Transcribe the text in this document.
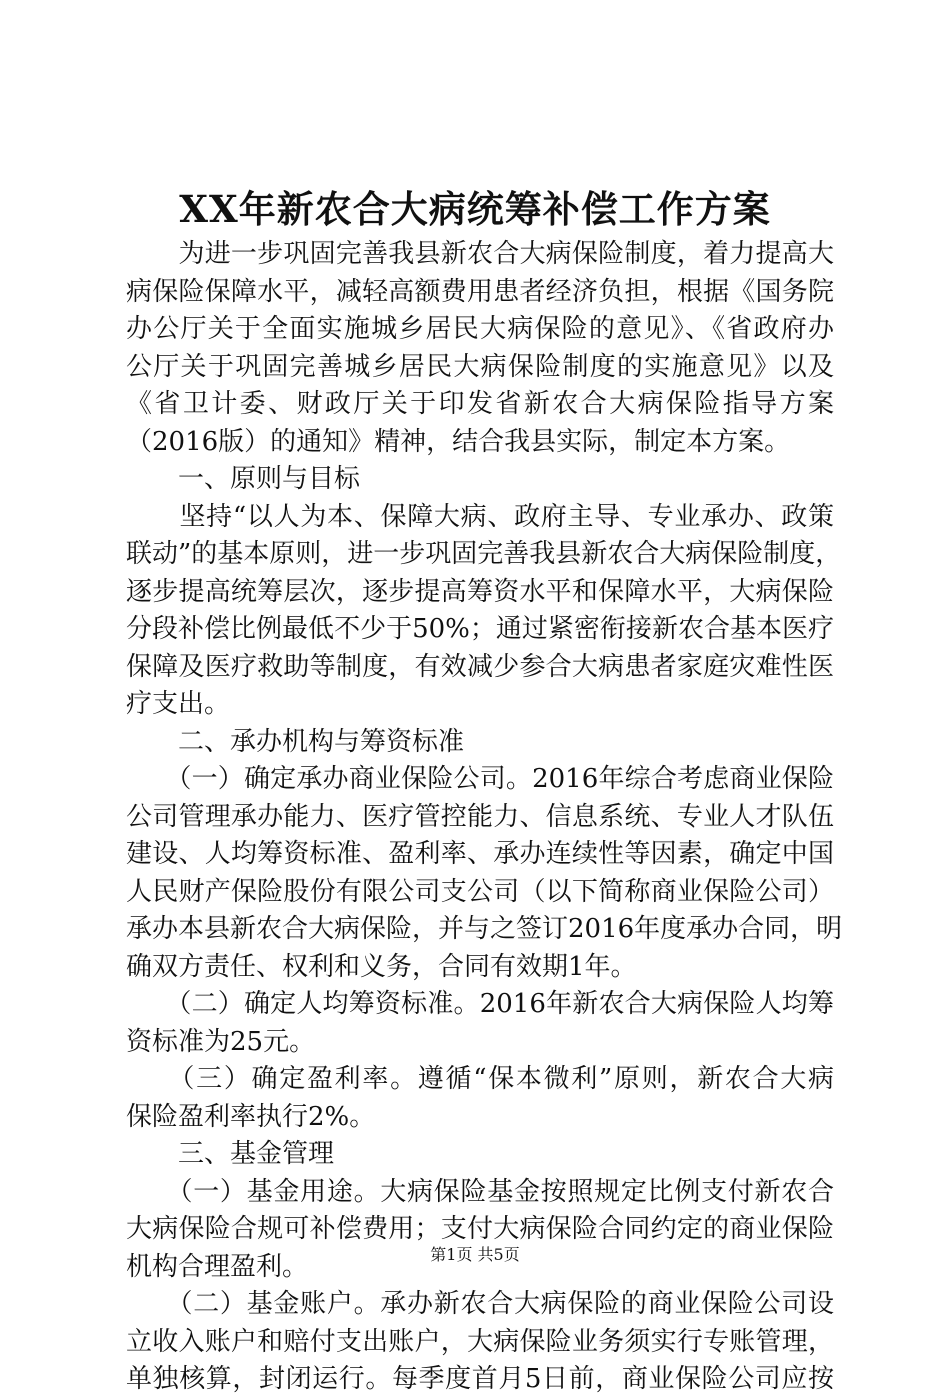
XX年新农合大病统筹补偿工作方案
　　为进一步巩固完善我县新农合大病保险制度，着力提高大
病保险保障水平，减轻高额费用患者经济负担，根据《国务院
办公厅关于全面实施城乡居民大病保险的意见》、《省政府办
公厅关于巩固完善城乡居民大病保险制度的实施意见》以及
《省卫计委、财政厅关于印发省新农合大病保险指导方案
（2016版）的通知》精神，结合我县实际，制定本方案。
　　一、原则与目标
　　坚持“以人为本、保障大病、政府主导、专业承办、政策
联动”的基本原则，进一步巩固完善我县新农合大病保险制度，
逐步提高统筹层次，逐步提高筹资水平和保障水平，大病保险
分段补偿比例最低不少于50%；通过紧密衔接新农合基本医疗
保障及医疗救助等制度，有效减少参合大病患者家庭灾难性医
疗支出。
　　二、承办机构与筹资标准
　　（一）确定承办商业保险公司。2016年综合考虑商业保险
公司管理承办能力、医疗管控能力、信息系统、专业人才队伍
建设、人均筹资标准、盈利率、承办连续性等因素，确定中国
人民财产保险股份有限公司支公司（以下简称商业保险公司）
承办本县新农合大病保险，并与之签订2016年度承办合同，明
确双方责任、权利和义务，合同有效期1年。
　　（二）确定人均筹资标准。2016年新农合大病保险人均筹
资标准为25元。
　　（三）确定盈利率。遵循“保本微利”原则，新农合大病
保险盈利率执行2%。
　　三、基金管理
　　（一）基金用途。大病保险基金按照规定比例支付新农合
大病保险合规可补偿费用；支付大病保险合同约定的商业保险
机构合理盈利。
　　（二）基金账户。承办新农合大病保险的商业保险公司设
立收入账户和赔付支出账户，大病保险业务须实行专账管理，
单独核算，封闭运行。每季度首月5日前，商业保险公司应按
第1页 共5页
